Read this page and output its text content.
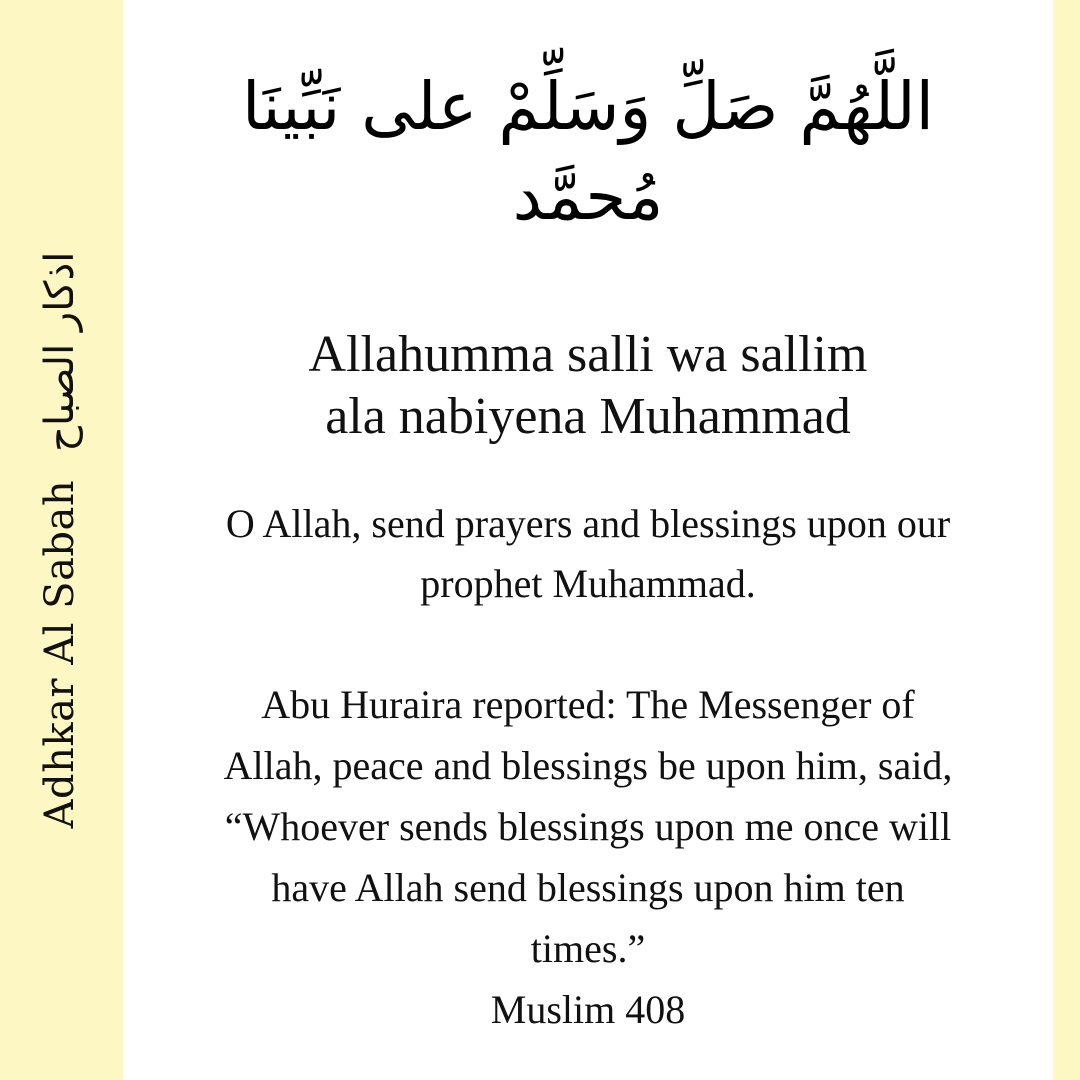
Adhkar Al Sabah
اذكار الصباح
اللَّهُمَّ صَلِّ وَسَلِّمْ على نَبِّينَا
مُحمَّد
Allahumma salli wa sallim
ala nabiyena Muhammad
O Allah, send prayers and blessings upon our
prophet Muhammad.
Abu Huraira reported: The Messenger of
Allah, peace and blessings be upon him, said,
“Whoever sends blessings upon me once will
have Allah send blessings upon him ten
times.”
Muslim 408
